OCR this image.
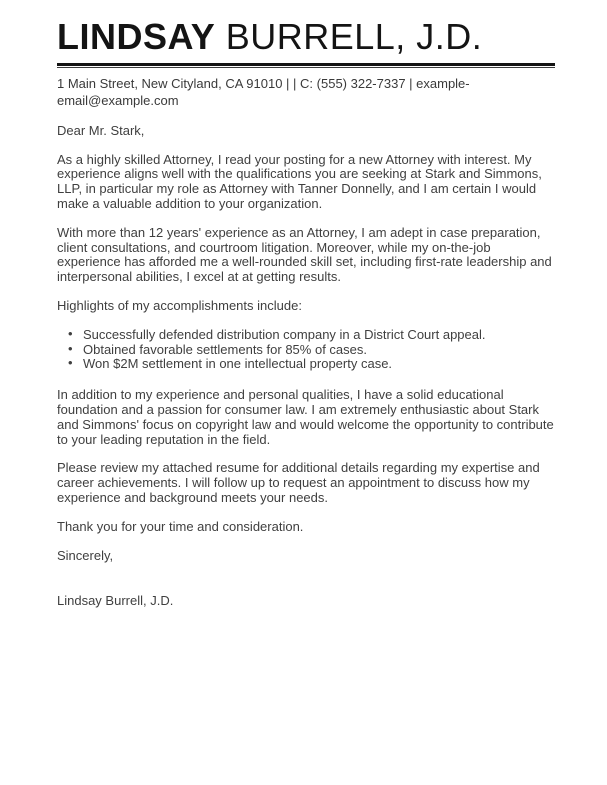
LINDSAY BURRELL, J.D.

1 Main Street, New Cityland, CA 91010 | | C: (555) 322-7337 | example-email@example.com

Dear Mr. Stark,

As a highly skilled Attorney, I read your posting for a new Attorney with interest. My experience aligns well with the qualifications you are seeking at Stark and Simmons, LLP, in particular my role as Attorney with Tanner Donnelly, and I am certain I would make a valuable addition to your organization.

With more than 12 years' experience as an Attorney, I am adept in case preparation, client consultations, and courtroom litigation. Moreover, while my on-the-job experience has afforded me a well-rounded skill set, including first-rate leadership and interpersonal abilities, I excel at at getting results.

Highlights of my accomplishments include:

• Successfully defended distribution company in a District Court appeal.
• Obtained favorable settlements for 85% of cases.
• Won $2M settlement in one intellectual property case.

In addition to my experience and personal qualities, I have a solid educational foundation and a passion for consumer law. I am extremely enthusiastic about Stark and Simmons' focus on copyright law and would welcome the opportunity to contribute to your leading reputation in the field.

Please review my attached resume for additional details regarding my expertise and career achievements. I will follow up to request an appointment to discuss how my experience and background meets your needs.

Thank you for your time and consideration.

Sincerely,

Lindsay Burrell, J.D.
